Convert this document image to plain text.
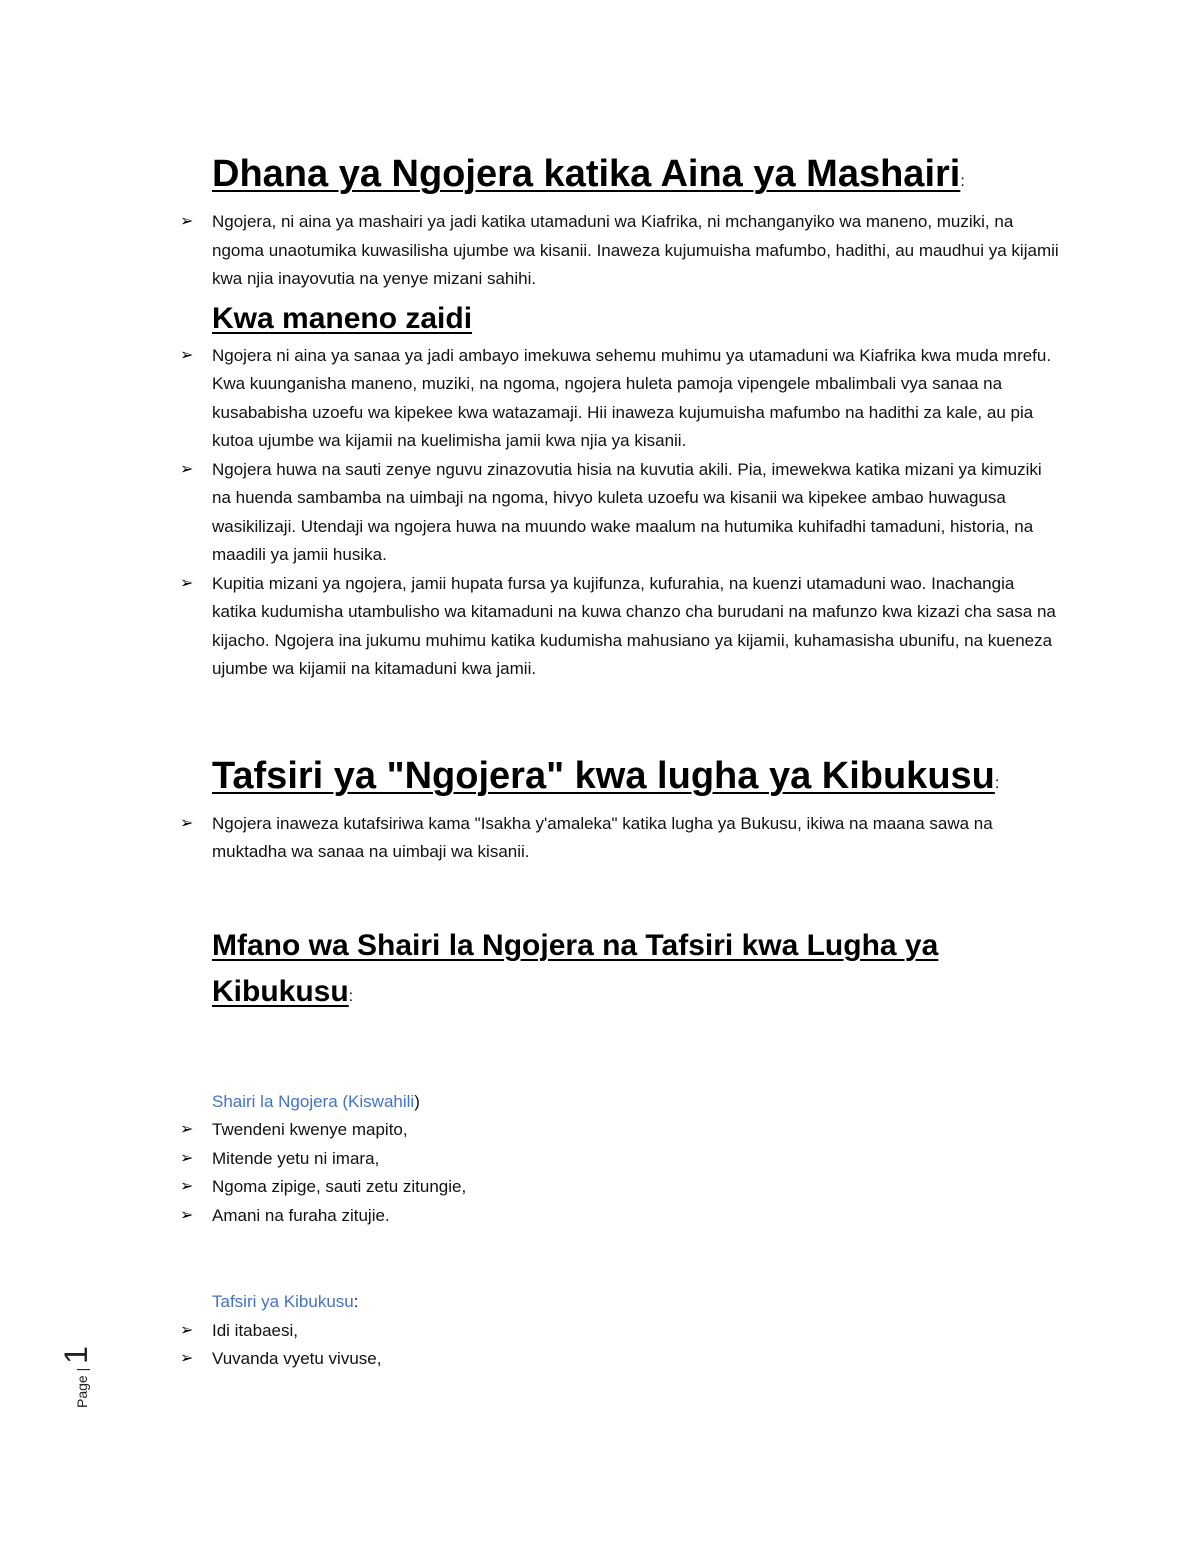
Dhana ya Ngojera katika Aina ya Mashairi:
➢ Ngojera, ni aina ya mashairi ya jadi katika utamaduni wa Kiafrika, ni mchanganyiko wa maneno, muziki, na ngoma unaotumika kuwasilisha ujumbe wa kisanii. Inaweza kujumuisha mafumbo, hadithi, au maudhui ya kijamii kwa njia inayovutia na yenye mizani sahihi.
Kwa maneno zaidi
➢ Ngojera ni aina ya sanaa ya jadi ambayo imekuwa sehemu muhimu ya utamaduni wa Kiafrika kwa muda mrefu. Kwa kuunganisha maneno, muziki, na ngoma, ngojera huleta pamoja vipengele mbalimbali vya sanaa na kusababisha uzoefu wa kipekee kwa watazamaji. Hii inaweza kujumuisha mafumbo na hadithi za kale, au pia kutoa ujumbe wa kijamii na kuelimisha jamii kwa njia ya kisanii.
➢ Ngojera huwa na sauti zenye nguvu zinazovutia hisia na kuvutia akili. Pia, imewekwa katika mizani ya kimuziki na huenda sambamba na uimbaji na ngoma, hivyo kuleta uzoefu wa kisanii wa kipekee ambao huwagusa wasikilizaji. Utendaji wa ngojera huwa na muundo wake maalum na hutumika kuhifadhi tamaduni, historia, na maadili ya jamii husika.
➢ Kupitia mizani ya ngojera, jamii hupata fursa ya kujifunza, kufurahia, na kuenzi utamaduni wao. Inachangia katika kudumisha utambulisho wa kitamaduni na kuwa chanzo cha burudani na mafunzo kwa kizazi cha sasa na kijacho. Ngojera ina jukumu muhimu katika kudumisha mahusiano ya kijamii, kuhamasisha ubunifu, na kueneza ujumbe wa kijamii na kitamaduni kwa jamii.
Tafsiri ya "Ngojera" kwa lugha ya Kibukusu:
➢ Ngojera inaweza kutafsiriwa kama "Isakha y'amaleka" katika lugha ya Bukusu, ikiwa na maana sawa na muktadha wa sanaa na uimbaji wa kisanii.
Mfano wa Shairi la Ngojera na Tafsiri kwa Lugha ya Kibukusu:
Shairi la Ngojera (Kiswahili)
➢ Twendeni kwenye mapito,
➢ Mitende yetu ni imara,
➢ Ngoma zipige, sauti zetu zitungie,
➢ Amani na furaha zitujie.
Tafsiri ya Kibukusu:
➢ Idi itabaesi,
➢ Vuvanda vyetu vivuse,
Page | 1
